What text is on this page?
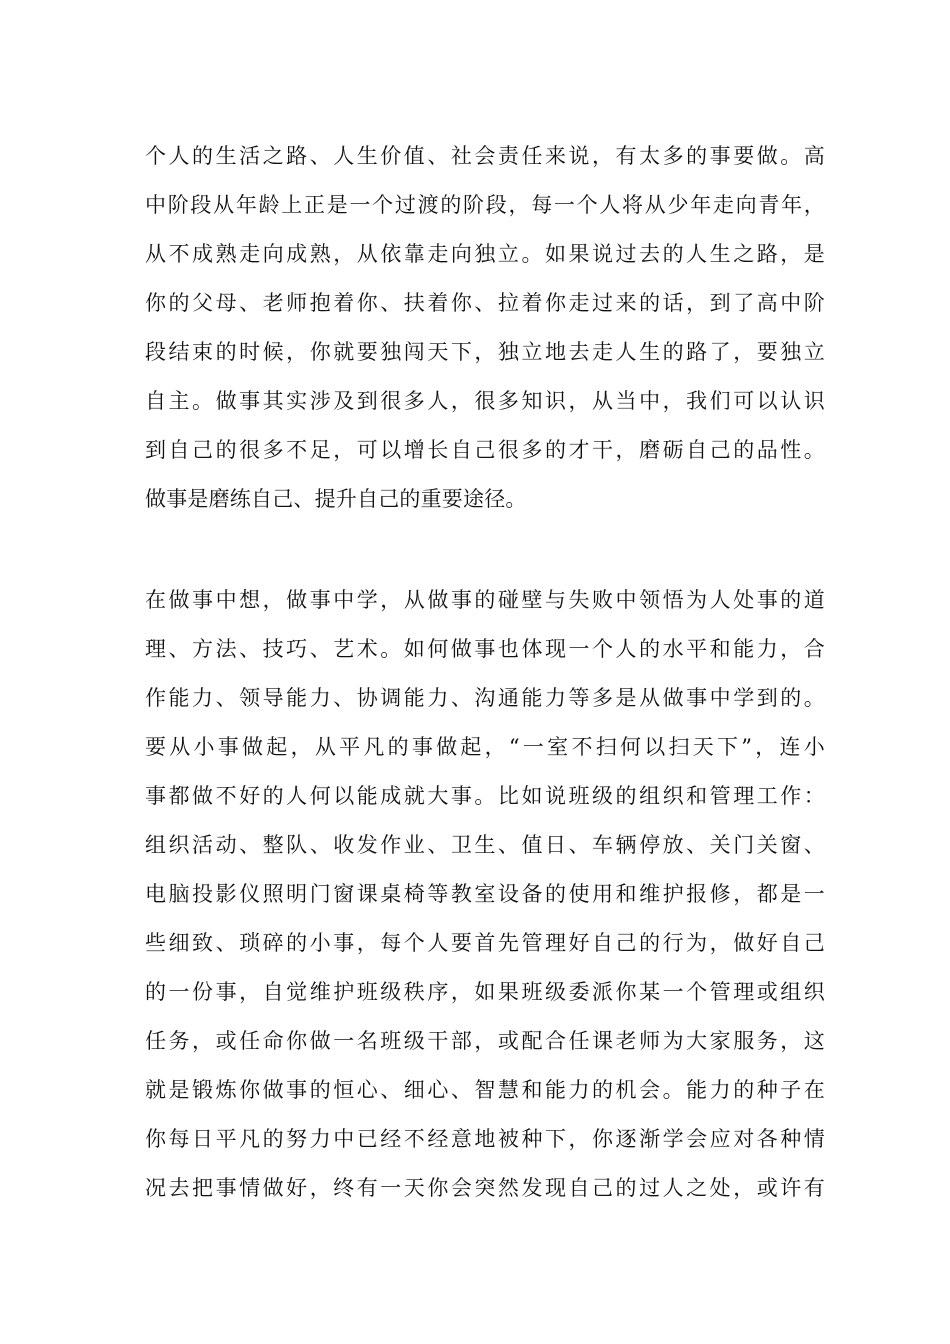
个人的生活之路、人生价值、社会责任来说，有太多的事要做。高
中阶段从年龄上正是一个过渡的阶段，每一个人将从少年走向青年，
从不成熟走向成熟，从依靠走向独立。如果说过去的人生之路，是
你的父母、老师抱着你、扶着你、拉着你走过来的话，到了高中阶
段结束的时候，你就要独闯天下，独立地去走人生的路了，要独立
自主。做事其实涉及到很多人，很多知识，从当中，我们可以认识
到自己的很多不足，可以增长自己很多的才干，磨砺自己的品性。
做事是磨练自己、提升自己的重要途径。
在做事中想，做事中学，从做事的碰壁与失败中领悟为人处事的道
理、方法、技巧、艺术。如何做事也体现一个人的水平和能力，合
作能力、领导能力、协调能力、沟通能力等多是从做事中学到的。
要从小事做起，从平凡的事做起，“一室不扫何以扫天下”，连小
事都做不好的人何以能成就大事。比如说班级的组织和管理工作：
组织活动、整队、收发作业、卫生、值日、车辆停放、关门关窗、
电脑投影仪照明门窗课桌椅等教室设备的使用和维护报修，都是一
些细致、琐碎的小事，每个人要首先管理好自己的行为，做好自己
的一份事，自觉维护班级秩序，如果班级委派你某一个管理或组织
任务，或任命你做一名班级干部，或配合任课老师为大家服务，这
就是锻炼你做事的恒心、细心、智慧和能力的机会。能力的种子在
你每日平凡的努力中已经不经意地被种下，你逐渐学会应对各种情
况去把事情做好，终有一天你会突然发现自己的过人之处，或许有
